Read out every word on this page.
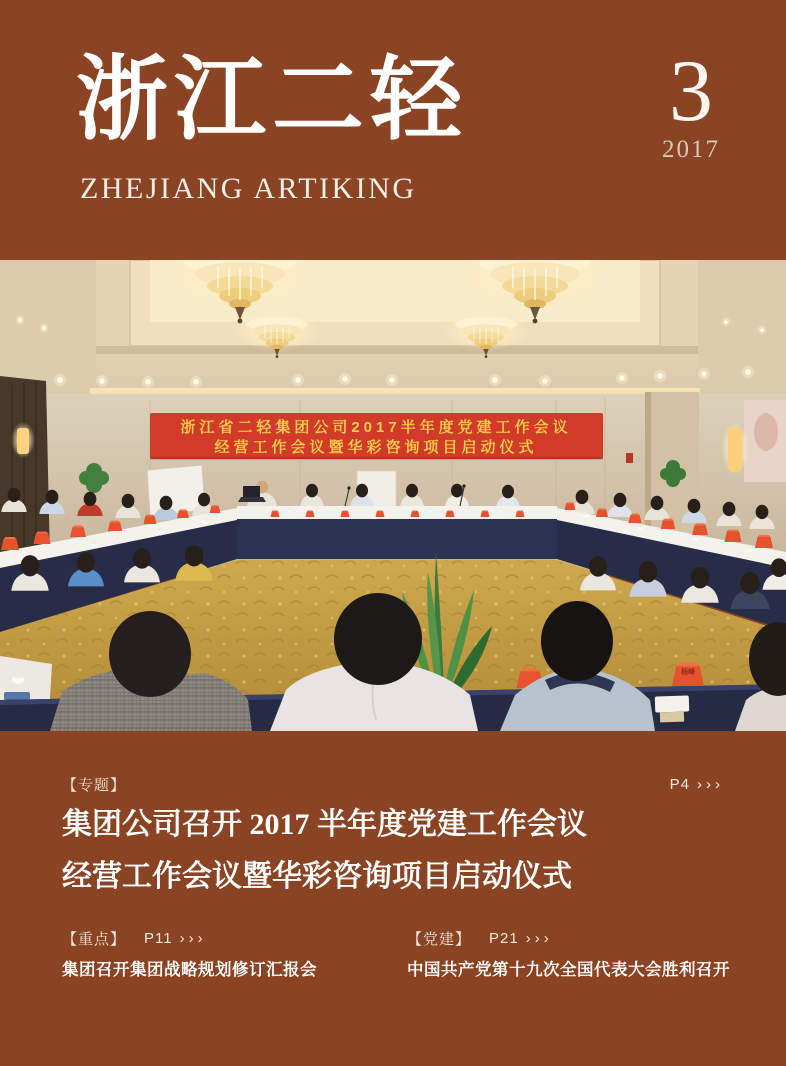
浙江二轻
ZHEJIANG ARTIKING
3
2017
浙江省二轻集团公司2017半年度党建工作会议
经营工作会议暨华彩咨询项目启动仪式
杨峰
【专题】	P4 ›››
集团公司召开 2017 半年度党建工作会议
经营工作会议暨华彩咨询项目启动仪式
【重点】 P11 ›››
集团召开集团战略规划修订汇报会
【党建】 P21 ›››
中国共产党第十九次全国代表大会胜利召开
